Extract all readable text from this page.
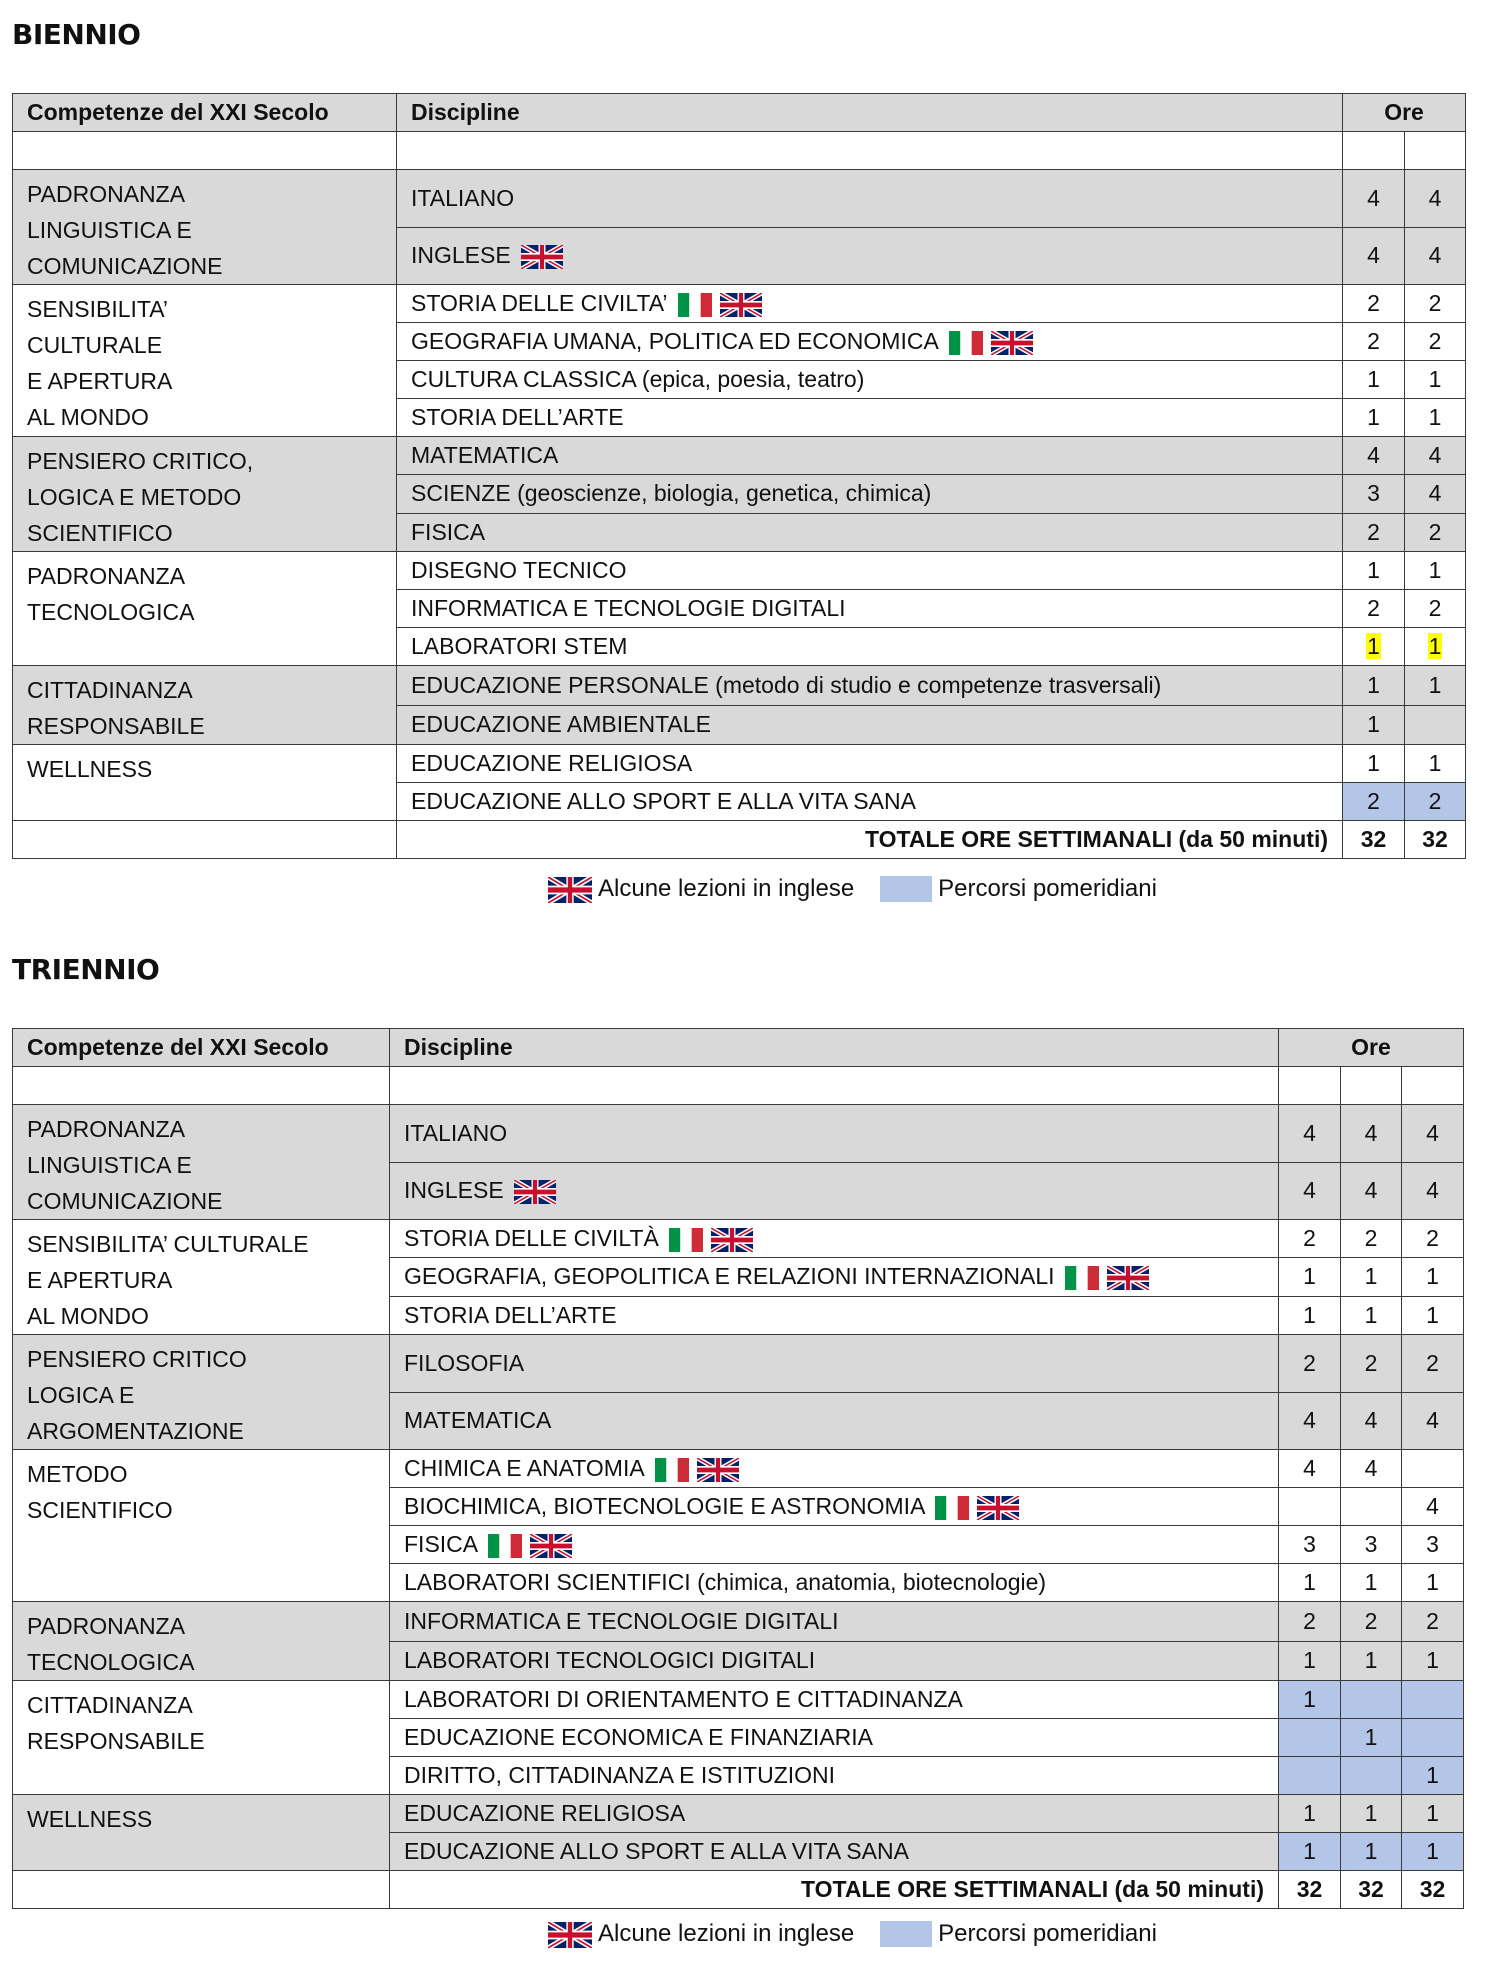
BIENNIO
Competenze del XXI Secolo	Discipline	Ore	

PADRONANZA
LINGUISTICA E
COMUNICAZIONE	ITALIANO	4	4
	INGLESE	4	4

SENSIBILITA’
CULTURALE
E APERTURA
AL MONDO	STORIA DELLE CIVILTA’	2	2
	GEOGRAFIA UMANA, POLITICA ED ECONOMICA	2	2
	CULTURA CLASSICA (epica, poesia, teatro)	1	1
	STORIA DELL’ARTE	1	1

PENSIERO CRITICO,
LOGICA E METODO
SCIENTIFICO	MATEMATICA	4	4
	SCIENZE (geoscienze, biologia, genetica, chimica)	3	4
	FISICA	2	2

PADRONANZA
TECNOLOGICA	DISEGNO TECNICO	1	1
	INFORMATICA E TECNOLOGIE DIGITALI	2	2
	LABORATORI STEM	1	1

CITTADINANZA
RESPONSABILE	EDUCAZIONE PERSONALE (metodo di studio e competenze trasversali)	1	1
	EDUCAZIONE AMBIENTALE	1	

WELLNESS	EDUCAZIONE RELIGIOSA	1	1
	EDUCAZIONE ALLO SPORT E ALLA VITA SANA	2	2
	TOTALE ORE SETTIMANALI (da 50 minuti)	32	32
Alcune lezioni in inglese	Percorsi pomeridiani
TRIENNIO
Competenze del XXI Secolo	Discipline	Ore		

PADRONANZA
LINGUISTICA E
COMUNICAZIONE	ITALIANO	4	4	4
	INGLESE	4	4	4

SENSIBILITA’ CULTURALE
E APERTURA
AL MONDO	STORIA DELLE CIVILTÀ	2	2	2
	GEOGRAFIA, GEOPOLITICA E RELAZIONI INTERNAZIONALI	1	1	1
	STORIA DELL’ARTE	1	1	1

PENSIERO CRITICO
LOGICA E
ARGOMENTAZIONE	FILOSOFIA	2	2	2
	MATEMATICA	4	4	4

METODO
SCIENTIFICO	CHIMICA E ANATOMIA	4	4	
	BIOCHIMICA, BIOTECNOLOGIE E ASTRONOMIA			4
	FISICA	3	3	3
	LABORATORI SCIENTIFICI (chimica, anatomia, biotecnologie)	1	1	1

PADRONANZA
TECNOLOGICA	INFORMATICA E TECNOLOGIE DIGITALI	2	2	2
	LABORATORI TECNOLOGICI DIGITALI	1	1	1

CITTADINANZA
RESPONSABILE	LABORATORI DI ORIENTAMENTO E CITTADINANZA	1		
	EDUCAZIONE ECONOMICA E FINANZIARIA		1	
	DIRITTO, CITTADINANZA E ISTITUZIONI			1

WELLNESS	EDUCAZIONE RELIGIOSA	1	1	1
	EDUCAZIONE ALLO SPORT E ALLA VITA SANA	1	1	1
	TOTALE ORE SETTIMANALI (da 50 minuti)	32	32	32
Alcune lezioni in inglese	Percorsi pomeridiani
